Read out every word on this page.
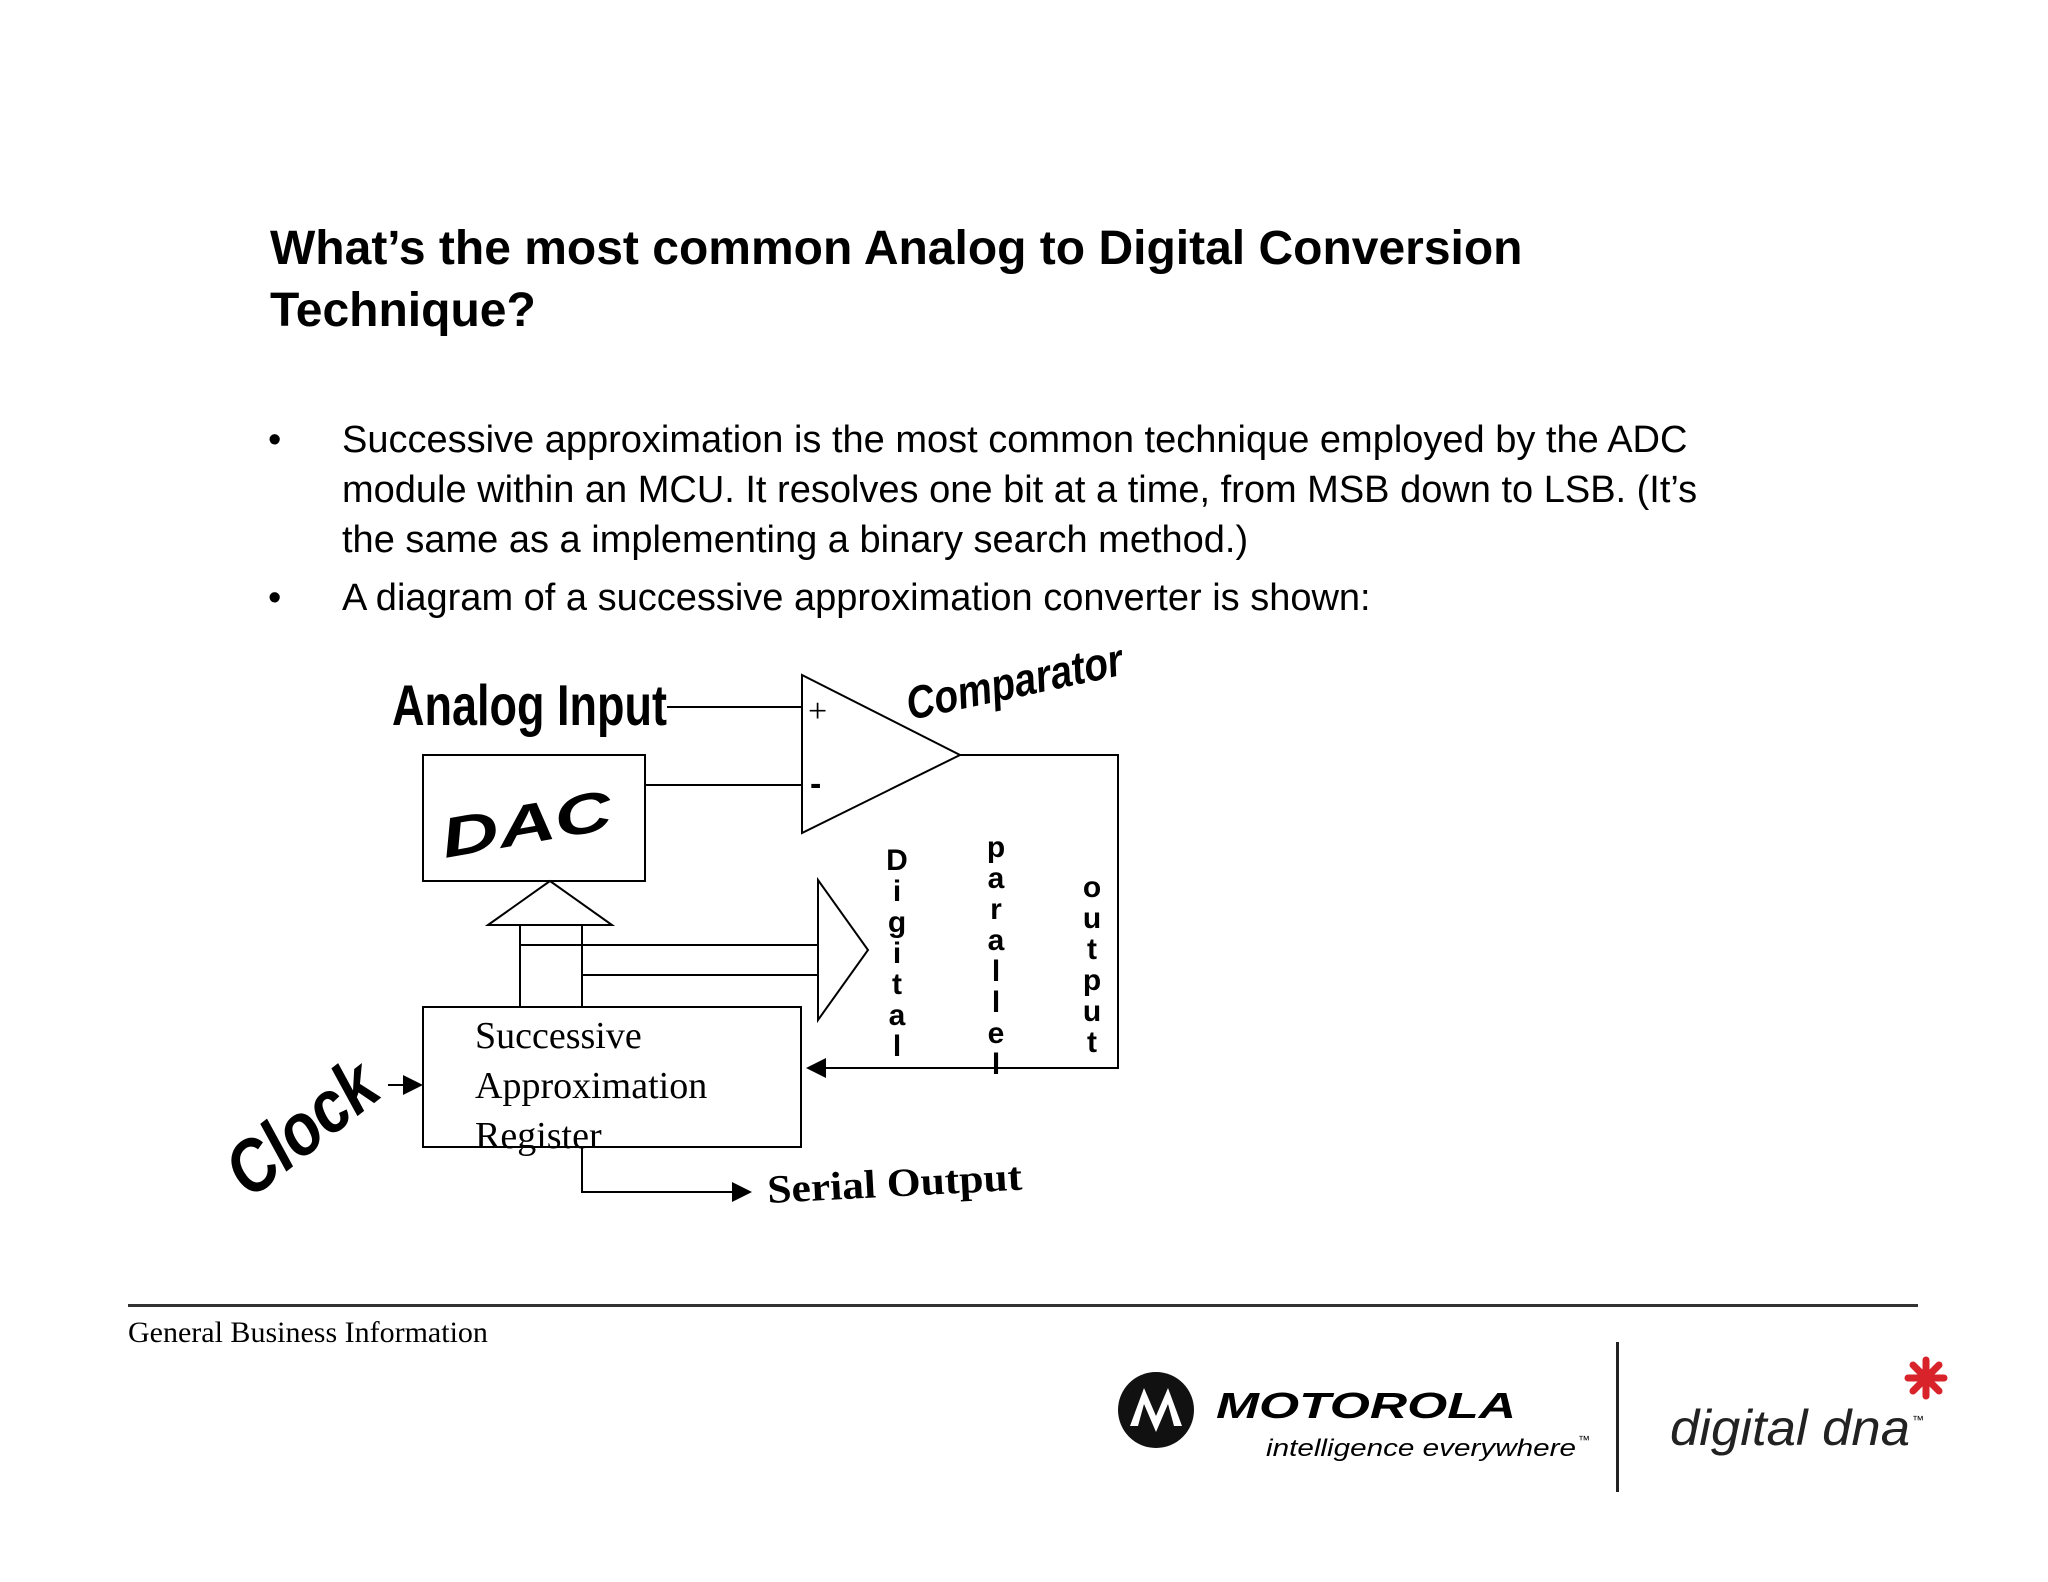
What’s the most common Analog to Digital Conversion
Technique?
• Successive approximation is the most common technique employed by the ADC
module within an MCU. It resolves one bit at a time, from MSB down to LSB. (It’s
the same as a implementing a binary search method.)
• A diagram of a successive approximation converter is shown:
Analog Input	+
-
Comparator
DAC	D
i
g
i
t
a
l
p
a
r
a
l
l
e
l
o
u
t
p
u
t
Successive
Approximation
Register
Clock	Serial Output
General Business Information
MOTOROLA
intelligence everywhere ™ digital dna ™
